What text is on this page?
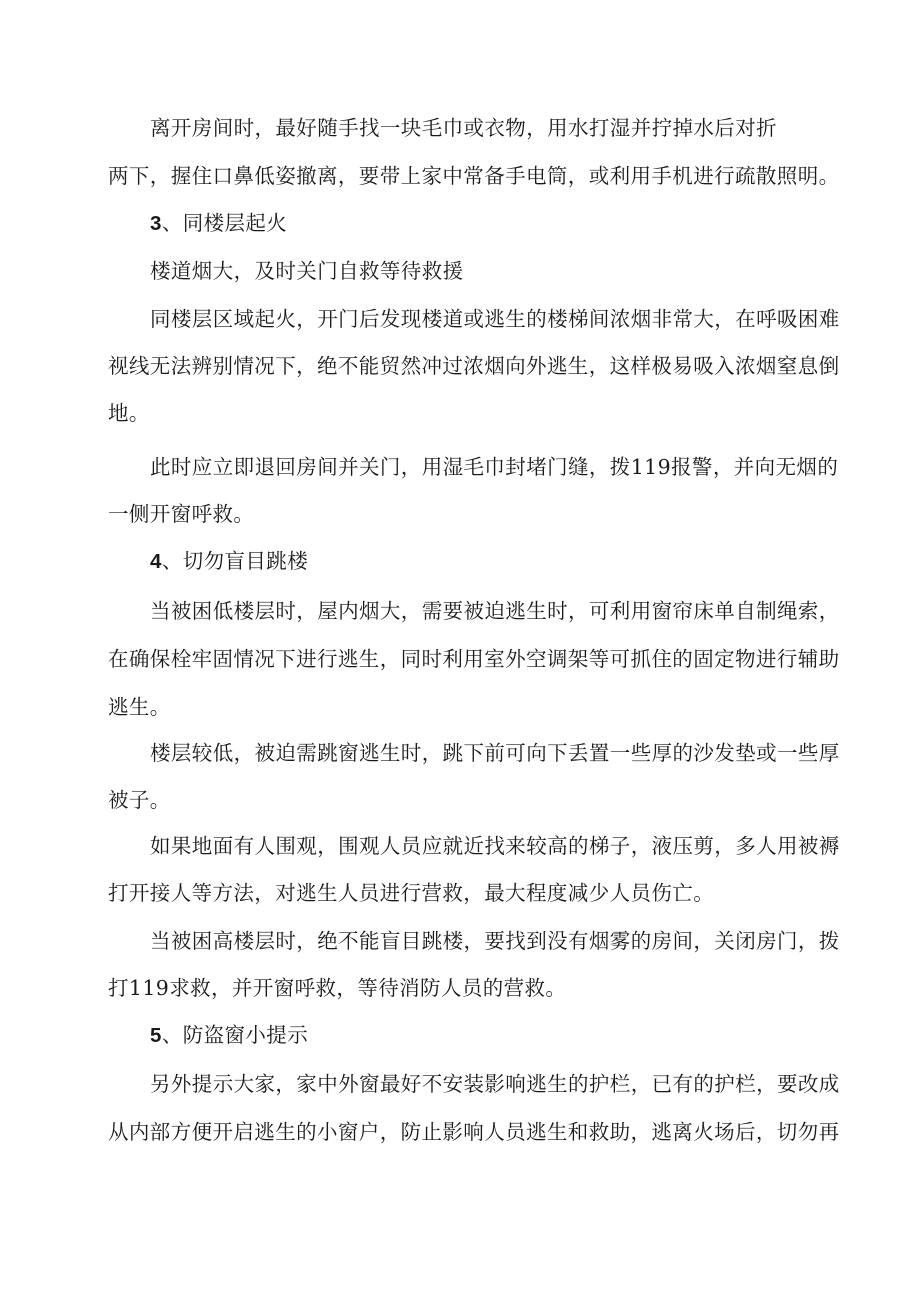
离开房间时，最好随手找一块毛巾或衣物，用水打湿并拧掉水后对折
两下，握住口鼻低姿撤离，要带上家中常备手电筒，或利用手机进行疏散照明。
3、同楼层起火
楼道烟大，及时关门自救等待救援
同楼层区域起火，开门后发现楼道或逃生的楼梯间浓烟非常大，在呼吸困难
视线无法辨别情况下，绝不能贸然冲过浓烟向外逃生，这样极易吸入浓烟窒息倒
地。
此时应立即退回房间并关门，用湿毛巾封堵门缝，拨119报警，并向无烟的
一侧开窗呼救。
4、切勿盲目跳楼
当被困低楼层时，屋内烟大，需要被迫逃生时，可利用窗帘床单自制绳索，
在确保栓牢固情况下进行逃生，同时利用室外空调架等可抓住的固定物进行辅助
逃生。
楼层较低，被迫需跳窗逃生时，跳下前可向下丢置一些厚的沙发垫或一些厚
被子。
如果地面有人围观，围观人员应就近找来较高的梯子，液压剪，多人用被褥
打开接人等方法，对逃生人员进行营救，最大程度减少人员伤亡。
当被困高楼层时，绝不能盲目跳楼，要找到没有烟雾的房间，关闭房门，拨
打119求救，并开窗呼救，等待消防人员的营救。
5、防盗窗小提示
另外提示大家，家中外窗最好不安装影响逃生的护栏，已有的护栏，要改成
从内部方便开启逃生的小窗户，防止影响人员逃生和救助，逃离火场后，切勿再
